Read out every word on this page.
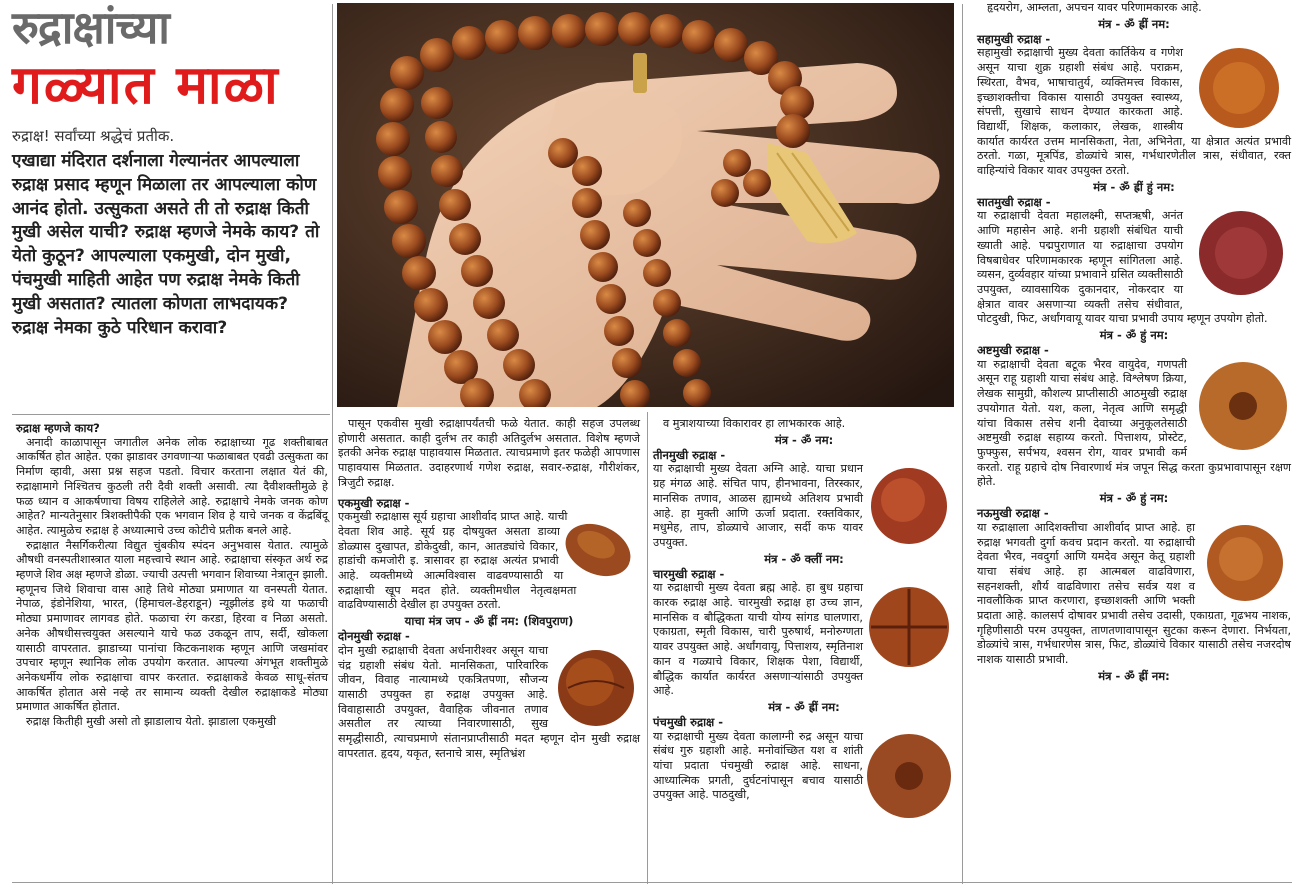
रुद्राक्षांच्या
गळ्यात माळा
रुद्राक्ष! सर्वांच्या श्रद्धेचं प्रतीक.
एखाद्या मंदिरात दर्शनाला गेल्यानंतर आपल्याला रुद्राक्ष प्रसाद म्हणून मिळाला तर आपल्याला कोण आनंद होतो. उत्सुकता असते ती तो रुद्राक्ष किती मुखी असेल याची? रुद्राक्ष म्हणजे नेमके काय? तो येतो कुठून? आपल्याला एकमुखी, दोन मुखी, पंचमुखी माहिती आहेत पण रुद्राक्ष नेमके किती मुखी असतात? त्यातला कोणता लाभदायक? रुद्राक्ष नेमका कुठे परिधान करावा?
रुद्राक्ष म्हणजे काय?

अनादी काळापासून जगातील अनेक लोक रुद्राक्षाच्या गूढ शक्तीबाबत आकर्षित होत आहेत. एका झाडावर उगवणाऱ्या फळाबाबत एवढी उत्सुकता का निर्माण व्हावी, असा प्रश्न सहज पडतो. विचार करताना लक्षात येतं की, रुद्राक्षामागे निश्चितच कुठली तरी दैवी शक्ती असावी. त्या दैवीशक्तीमुळे हे फळ ध्यान व आकर्षणाचा विषय राहिलेले आहे. रुद्राक्षाचे नेमके जनक कोण आहेत? मान्यतेनुसार त्रिशक्तीपैकी एक भगवान शिव हे याचे जनक व केंद्रबिंदू आहेत. त्यामुळेच रुद्राक्ष हे अध्यात्माचे उच्च कोटीचे प्रतीक बनले आहे.

रुद्राक्षात नैसर्गिकरीत्या विद्युत चुंबकीय स्पंदन अनुभवास येतात. त्यामुळे औषधी वनस्पतीशास्त्रात याला महत्त्वाचे स्थान आहे. रुद्राक्षाचा संस्कृत अर्थ रुद्र म्हणजे शिव अक्ष म्हणजे डोळा. ज्याची उत्पत्ती भगवान शिवाच्या नेत्रातून झाली. म्हणूनच जिथे शिवाचा वास आहे तिथे मोठ्या प्रमाणात या वनस्पती येतात. नेपाळ, इंडोनेशिया, भारत, (हिमाचल-डेहराडून) न्यूझीलंड इथे या फळाची मोठ्या प्रमाणावर लागवड होते. फळाचा रंग करडा, हिरवा व निळा असतो. अनेक औषधीसत्त्वयुक्त असल्याने याचे फळ उकळून ताप, सर्दी, खोकला यासाठी वापरतात. झाडाच्या पानांचा किटकनाशक म्हणून आणि जखमांवर उपचार म्हणून स्थानिक लोक उपयोग करतात. आपल्या अंगभूत शक्तीमुळे अनेकधर्मीय लोक रुद्राक्षाचा वापर करतात. रुद्राक्षाकडे केवळ साधू-संतच आकर्षित होतात असे नव्हे तर सामान्य व्यक्ती देखील रुद्राक्षाकडे मोठ्या प्रमाणात आकर्षित होतात.

रुद्राक्ष कितीही मुखी असो तो झाडालाच येतो. झाडाला एकमुखी

पासून एकवीस मुखी रुद्राक्षापर्यंतची फळे येतात. काही सहज उपलब्ध होणारी असतात. काही दुर्लभ तर काही अतिदुर्लभ असतात. विशेष म्हणजे इतकी अनेक रुद्राक्ष पाहावयास मिळतात. त्याचप्रमाणे इतर फळेही आपणास पाहावयास मिळतात. उदाहरणार्थ गणेश रुद्राक्ष, सवार-रुद्राक्ष, गौरीशंकर, त्रिजुटी रुद्राक्ष.

एकमुखी रुद्राक्ष -

एकमुखी रुद्राक्षास सूर्य ग्रहाचा आशीर्वाद प्राप्त आहे. याची देवता शिव आहे. सूर्य ग्रह दोषयुक्त असता डाव्या डोळ्यास दुखापत, डोकेदुखी, कान, आतड्यांचे विकार, हाडांची कमजोरी इ. त्रासावर हा रुद्राक्ष अत्यंत प्रभावी आहे. व्यक्तीमध्ये आत्मविश्वास वाढवण्यासाठी या रुद्राक्षाची खूप मदत होते. व्यक्तीमधील नेतृत्वक्षमता वाढविण्यासाठी देखील हा उपयुक्त ठरतो.

याचा मंत्र जप - ॐ ह्रीं नम: (शिवपुराण)
दोनमुखी रुद्राक्ष -

दोन मुखी रुद्राक्षाची देवता अर्धनारीश्वर असून याचा चंद्र ग्रहाशी संबंध येतो. मानसिकता, पारिवारिक जीवन, विवाह नात्यामध्ये एकत्रितपणा, सौजन्य यासाठी उपयुक्त हा रुद्राक्ष उपयुक्त आहे. विवाहासाठी उपयुक्त, वैवाहिक जीवनात तणाव असतील तर त्याच्या निवारणासाठी, सुख समृद्धीसाठी, त्याचप्रमाणे संतानप्राप्तीसाठी मदत म्हणून दोन मुखी रुद्राक्ष वापरतात. हृदय, यकृत, स्तनाचे त्रास, स्मृतिभ्रंश

व मुत्राशयाच्या विकारावर हा लाभकारक आहे.

मंत्र - ॐ नम:
तीनमुखी रुद्राक्ष -

या रुद्राक्षाची मुख्य देवता अग्नि आहे. याचा प्रधान ग्रह मंगळ आहे. संचित पाप, हीनभावना, तिरस्कार, मानसिक तणाव, आळस ह्यामध्ये अतिशय प्रभावी आहे. हा मुक्ती आणि ऊर्जा प्रदाता. रक्तविकार, मधुमेह, ताप, डोळ्याचे आजार, सर्दी कफ यावर उपयुक्त.

मंत्र - ॐ क्लीं नम:
चारमुखी रुद्राक्ष -

या रुद्राक्षाची मुख्य देवता ब्रह्म आहे. हा बुध ग्रहाचा कारक रुद्राक्ष आहे. चारमुखी रुद्राक्ष हा उच्च ज्ञान, मानसिक व बौद्धिकता याची योग्य सांगड घालणारा, एकाग्रता, स्मृती विकास, चारी पुरुषार्थ, मनोरुग्णता यावर उपयुक्त आहे. अर्धांगवायू, पित्ताशय, स्मृतिनाश कान व गळ्याचे विकार, शिक्षक पेशा, विद्यार्थी, बौद्धिक कार्यात कार्यरत असणाऱ्यांसाठी उपयुक्त आहे.

मंत्र - ॐ ह्रीं नम:
पंचमुखी रुद्राक्ष -

या रुद्राक्षाची मुख्य देवता कालाग्नी रुद्र असून याचा संबंध गुरु ग्रहाशी आहे. मनोवांच्छित यश व शांती यांचा प्रदाता पंचमुखी रुद्राक्ष आहे. साधना, आध्यात्मिक प्रगती, दुर्घटनांपासून बचाव यासाठी उपयुक्त आहे. पाठदुखी,

हृदयरोग, आम्लता, अपचन यावर परिणामकारक आहे.

मंत्र - ॐ ह्रीं नम:
सहामुखी रुद्राक्ष -

सहामुखी रुद्राक्षाची मुख्य देवता कार्तिकेय व गणेश असून याचा शुक्र ग्रहाशी संबंध आहे. पराक्रम, स्थिरता, वैभव, भाषाचातुर्य, व्यक्तिमत्त्व विकास, इच्छाशक्तीचा विकास यासाठी उपयुक्त स्वास्थ्य, संपत्ती, सुखाचे साधन देण्यात कारकता आहे. विद्यार्थी, शिक्षक, कलाकार, लेखक, शास्त्रीय कार्यात कार्यरत उत्तम मानसिकता, नेता, अभिनेता, या क्षेत्रात अत्यंत प्रभावी ठरतो. गळा, मूत्रपिंड, डोळ्यांचे त्रास, गर्भधारणेतील त्रास, संधीवात, रक्त वाहिन्यांचे विकार यावर उपयुक्त ठरतो.

मंत्र - ॐ ह्रीं हुं नम:
सातमुखी रुद्राक्ष -

या रुद्राक्षाची देवता महालक्ष्मी, सप्तऋषी, अनंत आणि महासेन आहे. शनी ग्रहाशी संबंधित याची ख्याती आहे. पद्मपुराणात या रुद्राक्षाचा उपयोग विषबाधेवर परिणामकारक म्हणून सांगितला आहे. व्यसन, दुर्व्यवहार यांच्या प्रभावाने ग्रसित व्यक्तीसाठी उपयुक्त, व्यावसायिक दुकानदार, नोकरदार या क्षेत्रात वावर असणाऱ्या व्यक्ती तसेच संधीवात, पोटदुखी, फिट, अर्धांगवायू यावर याचा प्रभावी उपाय म्हणून उपयोग होतो.

मंत्र - ॐ हुं नम:
अष्टमुखी रुद्राक्ष -

या रुद्राक्षाची देवता बटूक भैरव वायुदेव, गणपती असून राहू ग्रहाशी याचा संबंध आहे. विश्लेषण क्रिया, लेखक सामुग्री, कौशल्य प्राप्तीसाठी आठमुखी रुद्राक्ष उपयोगात येतो. यश, कला, नेतृत्व आणि समृद्धी यांचा विकास तसेच शनी देवाच्या अनुकूलतेसाठी अष्टमुखी रुद्राक्ष सहाय्य करतो. पित्ताशय, प्रोस्टेट, फुफ्फुस, सर्पभय, श्वसन रोग, यावर प्रभावी कर्म करतो. राहू ग्रहाचे दोष निवारणार्थ मंत्र जपून सिद्ध करता कुप्रभावापासून रक्षण होते.

मंत्र - ॐ हुं नम:
नऊमुखी रुद्राक्ष -

या रुद्राक्षाला आदिशक्तीचा आशीर्वाद प्राप्त आहे. हा रुद्राक्ष भगवती दुर्गा कवच प्रदान करतो. या रुद्राक्षाची देवता भैरव, नवदुर्गा आणि यमदेव असून केतू ग्रहाशी याचा संबंध आहे. हा आत्मबल वाढविणारा, सहनशक्ती, शौर्य वाढविणारा तसेच सर्वत्र यश व नावलौकिक प्राप्त करणारा, इच्छाशक्ती आणि भक्ती प्रदाता आहे. कालसर्प दोषावर प्रभावी तसेच उदासी, एकाग्रता, गूढभय नाशक, गृहिणीसाठी परम उपयुक्त, ताणतणावापासून सुटका करून देणारा. निर्भयता, डोळ्यांचे त्रास, गर्भधारणेस त्रास, फिट, डोळ्यांचे विकार यासाठी तसेच नजरदोष नाशक यासाठी प्रभावी.

मंत्र - ॐ ह्रीं नम:
